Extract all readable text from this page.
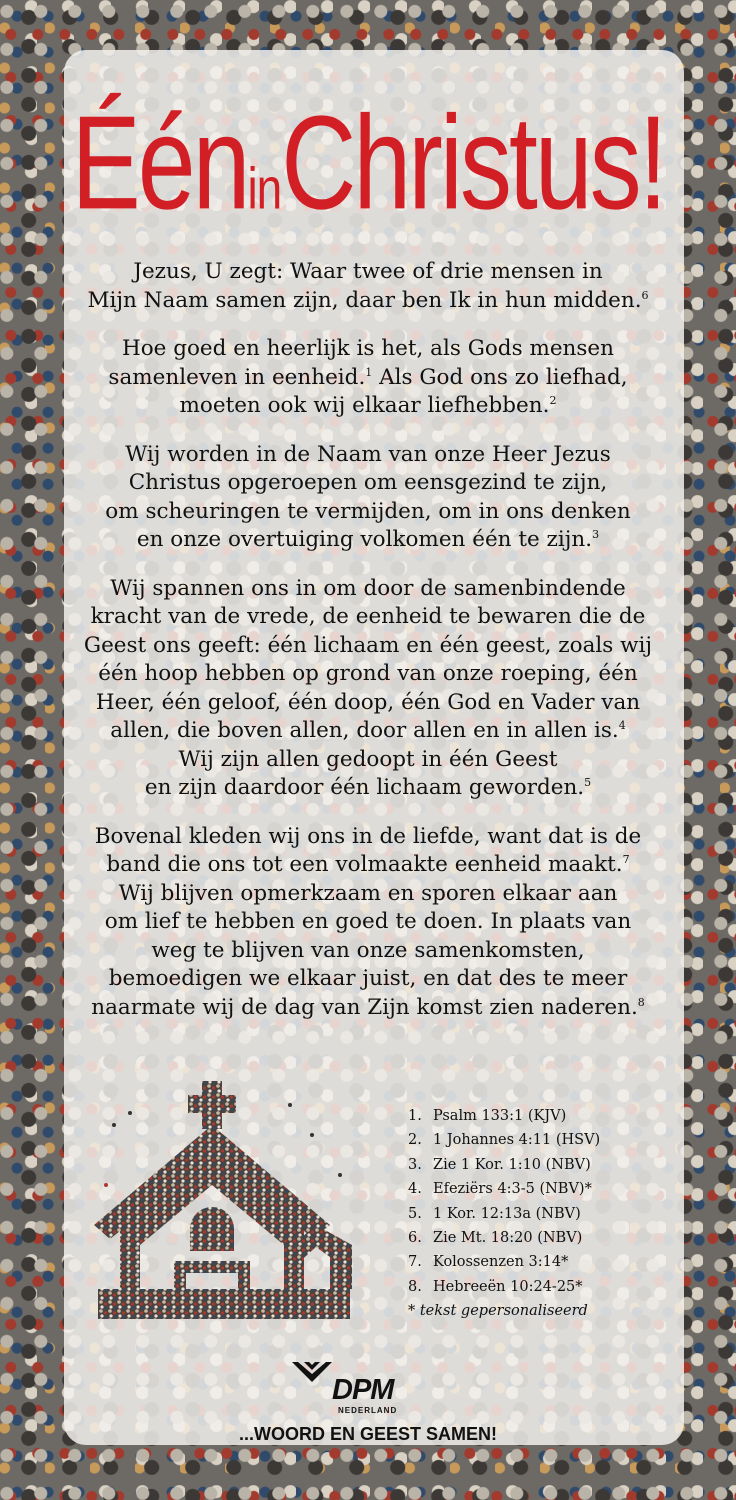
ÉéninChristus!

Jezus, U zegt: Waar twee of drie mensen in
Mijn Naam samen zijn, daar ben Ik in hun midden.$^6$

Hoe goed en heerlijk is het, als Gods mensen
samenleven in eenheid.$^1$ Als God ons zo liefhad,
moeten ook wij elkaar liefhebben.$^2$

Wij worden in de Naam van onze Heer Jezus
Christus opgeroepen om eensgezind te zijn,
om scheuringen te vermijden, om in ons denken
en onze overtuiging volkomen één te zijn.$^3$

Wij spannen ons in om door de samenbindende
kracht van de vrede, de eenheid te bewaren die de
Geest ons geeft: één lichaam en één geest, zoals wij
één hoop hebben op grond van onze roeping, één
Heer, één geloof, één doop, één God en Vader van
allen, die boven allen, door allen en in allen is.$^4$
Wij zijn allen gedoopt in één Geest
en zijn daardoor één lichaam geworden.$^5$

Bovenal kleden wij ons in de liefde, want dat is de
band die ons tot een volmaakte eenheid maakt.$^7$
Wij blijven opmerkzaam en sporen elkaar aan
om lief te hebben en goed te doen. In plaats van
weg te blijven van onze samenkomsten,
bemoedigen we elkaar juist, en dat des te meer
naarmate wij de dag van Zijn komst zien naderen.$^8$

1. Psalm 133:1 (KJV)
2. 1 Johannes 4:11 (HSV)
3. Zie 1 Kor. 1:10 (NBV)
4. Efeziërs 4:3-5 (NBV)*
5. 1 Kor. 12:13a (NBV)
6. Zie Mt. 18:20 (NBV)
7. Kolossenzen 3:14*
8. Hebreeën 10:24-25*
* tekst gepersonaliseerd
DPM
NEDERLAND
...WOORD EN GEEST SAMEN!
